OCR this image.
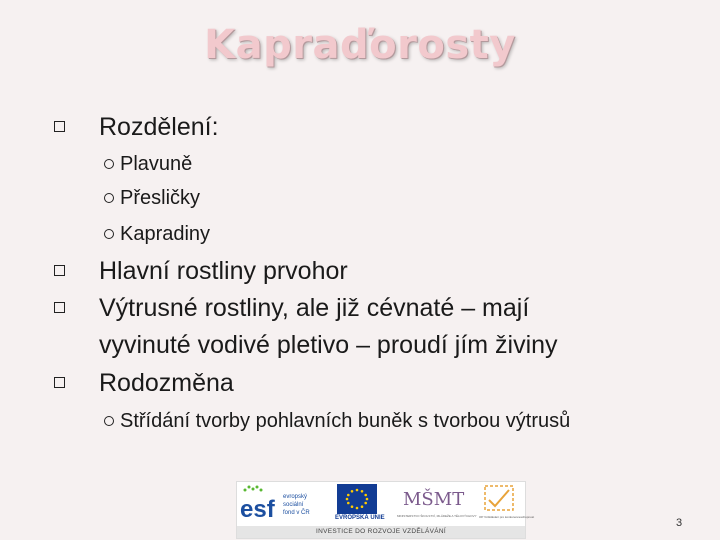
Kapraďorosty
Rozdělení:
Plavuně
Přesličky
Kapradiny
Hlavní rostliny prvohor
Výtrusné rostliny, ale již cévnaté – mají
vyvinuté vodivé pletivo – proudí jím živiny
Rodozměna
Střídání tvorby pohlavních buněk s tvorbou výtrusů
esf evropský
sociální
fond v ČR
EVROPSKÁ UNIE
MŠMT
MINISTERSTVO ŠKOLSTVÍ, MLÁDEŽE A TĚLOVÝCHOVY OP Vzdělávání pro konkurenceschopnost
INVESTICE DO ROZVOJE VZDĚLÁVÁNÍ
3
